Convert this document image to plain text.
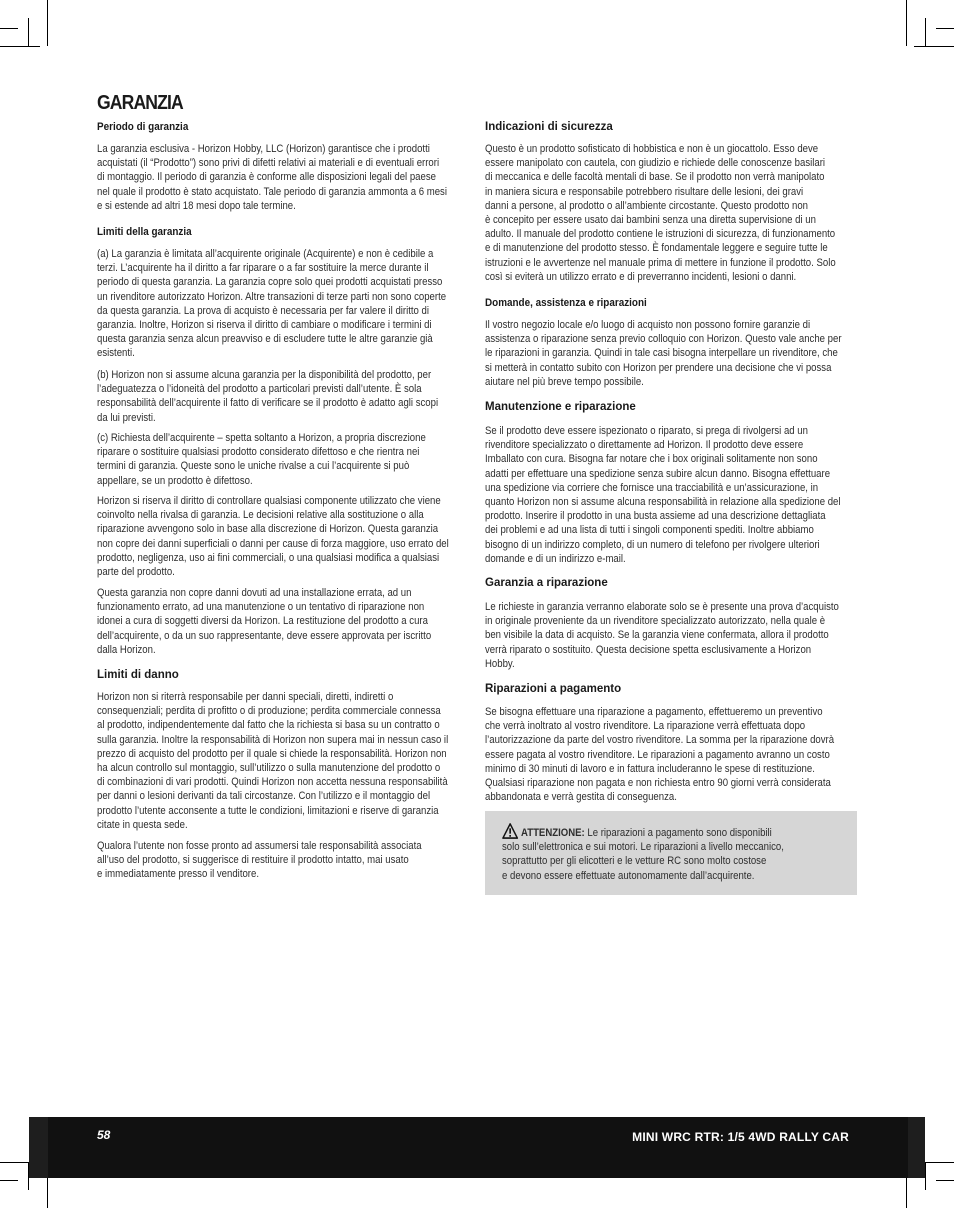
GARANZIA
Periodo di garanzia

La garanzia esclusiva - Horizon Hobby, LLC (Horizon) garantisce che i prodotti
acquistati (il “Prodotto”) sono privi di difetti relativi ai materiali e di eventuali errori
di montaggio. Il periodo di garanzia è conforme alle disposizioni legali del paese
nel quale il prodotto è stato acquistato. Tale periodo di garanzia ammonta a 6 mesi
e si estende ad altri 18 mesi dopo tale termine.

Limiti della garanzia

(a) La garanzia è limitata all’acquirente originale (Acquirente) e non è cedibile a
terzi. L’acquirente ha il diritto a far riparare o a far sostituire la merce durante il
periodo di questa garanzia. La garanzia copre solo quei prodotti acquistati presso
un rivenditore autorizzato Horizon. Altre transazioni di terze parti non sono coperte
da questa garanzia. La prova di acquisto è necessaria per far valere il diritto di
garanzia. Inoltre, Horizon si riserva il diritto di cambiare o modificare i termini di
questa garanzia senza alcun preavviso e di escludere tutte le altre garanzie già
esistenti.

(b) Horizon non si assume alcuna garanzia per la disponibilità del prodotto, per
l’adeguatezza o l’idoneità del prodotto a particolari previsti dall’utente. È sola
responsabilità dell’acquirente il fatto di verificare se il prodotto è adatto agli scopi
da lui previsti.

(c) Richiesta dell’acquirente – spetta soltanto a Horizon, a propria discrezione
riparare o sostituire qualsiasi prodotto considerato difettoso e che rientra nei
termini di garanzia. Queste sono le uniche rivalse a cui l’acquirente si può
appellare, se un prodotto è difettoso.

Horizon si riserva il diritto di controllare qualsiasi componente utilizzato che viene
coinvolto nella rivalsa di garanzia. Le decisioni relative alla sostituzione o alla
riparazione avvengono solo in base alla discrezione di Horizon. Questa garanzia
non copre dei danni superficiali o danni per cause di forza maggiore, uso errato del
prodotto, negligenza, uso ai fini commerciali, o una qualsiasi modifica a qualsiasi
parte del prodotto.

Questa garanzia non copre danni dovuti ad una installazione errata, ad un
funzionamento errato, ad una manutenzione o un tentativo di riparazione non
idonei a cura di soggetti diversi da Horizon. La restituzione del prodotto a cura
dell’acquirente, o da un suo rappresentante, deve essere approvata per iscritto
dalla Horizon.

Limiti di danno

Horizon non si riterrà responsabile per danni speciali, diretti, indiretti o
consequenziali; perdita di profitto o di produzione; perdita commerciale connessa
al prodotto, indipendentemente dal fatto che la richiesta si basa su un contratto o
sulla garanzia. Inoltre la responsabilità di Horizon non supera mai in nessun caso il
prezzo di acquisto del prodotto per il quale si chiede la responsabilità. Horizon non
ha alcun controllo sul montaggio, sull’utilizzo o sulla manutenzione del prodotto o
di combinazioni di vari prodotti. Quindi Horizon non accetta nessuna responsabilità
per danni o lesioni derivanti da tali circostanze. Con l’utilizzo e il montaggio del
prodotto l’utente acconsente a tutte le condizioni, limitazioni e riserve di garanzia
citate in questa sede.

Qualora l’utente non fosse pronto ad assumersi tale responsabilità associata
all’uso del prodotto, si suggerisce di restituire il prodotto intatto, mai usato
e immediatamente presso il venditore.

Indicazioni di sicurezza

Questo è un prodotto sofisticato di hobbistica e non è un giocattolo. Esso deve
essere manipolato con cautela, con giudizio e richiede delle conoscenze basilari
di meccanica e delle facoltà mentali di base. Se il prodotto non verrà manipolato
in maniera sicura e responsabile potrebbero risultare delle lesioni, dei gravi
danni a persone, al prodotto o all’ambiente circostante. Questo prodotto non
è concepito per essere usato dai bambini senza una diretta supervisione di un
adulto. Il manuale del prodotto contiene le istruzioni di sicurezza, di funzionamento
e di manutenzione del prodotto stesso. È fondamentale leggere e seguire tutte le
istruzioni e le avvertenze nel manuale prima di mettere in funzione il prodotto. Solo
così si eviterà un utilizzo errato e di preverranno incidenti, lesioni o danni.

Domande, assistenza e riparazioni

Il vostro negozio locale e/o luogo di acquisto non possono fornire garanzie di
assistenza o riparazione senza previo colloquio con Horizon. Questo vale anche per
le riparazioni in garanzia. Quindi in tale casi bisogna interpellare un rivenditore, che
si metterà in contatto subito con Horizon per prendere una decisione che vi possa
aiutare nel più breve tempo possibile.

Manutenzione e riparazione

Se il prodotto deve essere ispezionato o riparato, si prega di rivolgersi ad un
rivenditore specializzato o direttamente ad Horizon. Il prodotto deve essere
Imballato con cura. Bisogna far notare che i box originali solitamente non sono
adatti per effettuare una spedizione senza subire alcun danno. Bisogna effettuare
una spedizione via corriere che fornisce una tracciabilità e un’assicurazione, in
quanto Horizon non si assume alcuna responsabilità in relazione alla spedizione del
prodotto. Inserire il prodotto in una busta assieme ad una descrizione dettagliata
dei problemi e ad una lista di tutti i singoli componenti spediti. Inoltre abbiamo
bisogno di un indirizzo completo, di un numero di telefono per rivolgere ulteriori
domande e di un indirizzo e-mail.

Garanzia a riparazione

Le richieste in garanzia verranno elaborate solo se è presente una prova d’acquisto
in originale proveniente da un rivenditore specializzato autorizzato, nella quale è
ben visibile la data di acquisto. Se la garanzia viene confermata, allora il prodotto
verrà riparato o sostituito. Questa decisione spetta esclusivamente a Horizon
Hobby.

Riparazioni a pagamento

Se bisogna effettuare una riparazione a pagamento, effettueremo un preventivo
che verrà inoltrato al vostro rivenditore. La riparazione verrà effettuata dopo
l’autorizzazione da parte del vostro rivenditore. La somma per la riparazione dovrà
essere pagata al vostro rivenditore. Le riparazioni a pagamento avranno un costo
minimo di 30 minuti di lavoro e in fattura includeranno le spese di restituzione.
Qualsiasi riparazione non pagata e non richiesta entro 90 giorni verrà considerata
abbandonata e verrà gestita di conseguenza.

ATTENZIONE: Le riparazioni a pagamento sono disponibili
solo sull’elettronica e sui motori. Le riparazioni a livello meccanico,
soprattutto per gli elicotteri e le vetture RC sono molto costose
e devono essere effettuate autonomamente dall’acquirente.

58	MINI WRC RTR: 1/5 4WD RALLY CAR
